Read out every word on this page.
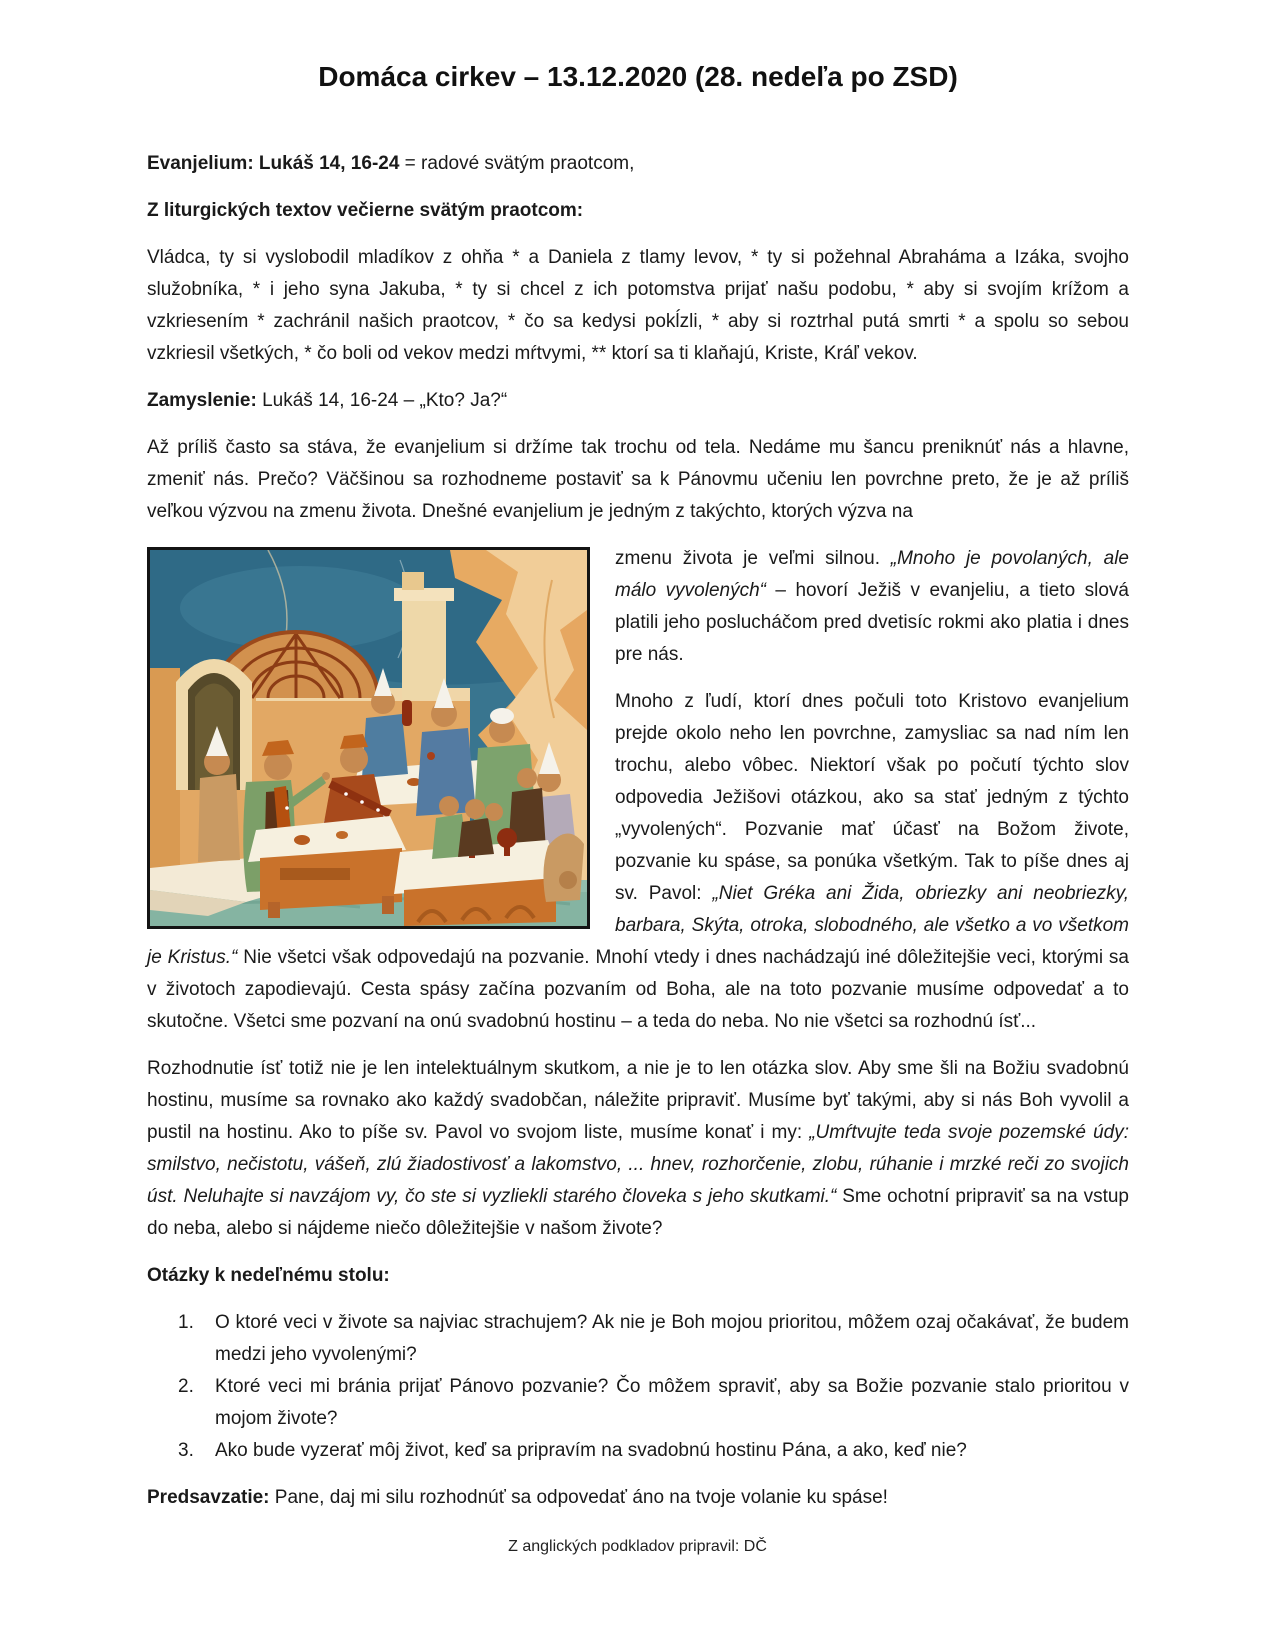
Domáca cirkev – 13.12.2020 (28. nedeľa po ZSD)

Evanjelium: Lukáš 14, 16-24 = radové svätým praotcom,

Z liturgických textov večierne svätým praotcom:

Vládca, ty si vyslobodil mladíkov z ohňa * a Daniela z tlamy levov, * ty si požehnal Abraháma a Izáka, svojho služobníka, * i jeho syna Jakuba, * ty si chcel z ich potomstva prijať našu podobu, * aby si svojím krížom a vzkriesením * zachránil našich praotcov, * čo sa kedysi pokĺzli, * aby si roztrhal putá smrti * a spolu so sebou vzkriesil všetkých, * čo boli od vekov medzi mŕtvymi, ** ktorí sa ti klaňajú, Kriste, Kráľ vekov.

Zamyslenie: Lukáš 14, 16-24 – „Kto? Ja?“

Až príliš často sa stáva, že evanjelium si držíme tak trochu od tela. Nedáme mu šancu preniknúť nás a hlavne, zmeniť nás. Prečo? Väčšinou sa rozhodneme postaviť sa k Pánovmu učeniu len povrchne preto, že je až príliš veľkou výzvou na zmenu života. Dnešné evanjelium je jedným z takýchto, ktorých výzva na

zmenu života je veľmi silnou. „Mnoho je povolaných, ale málo vyvolených“ – hovorí Ježiš v evanjeliu, a tieto slová platili jeho poslucháčom pred dvetisíc rokmi ako platia i dnes pre nás.

Mnoho z ľudí, ktorí dnes počuli toto Kristovo evanjelium prejde okolo neho len povrchne, zamysliac sa nad ním len trochu, alebo vôbec. Niektorí však po počutí týchto slov odpovedia Ježišovi otázkou, ako sa stať jedným z týchto „vyvolených“. Pozvanie mať účasť na Božom živote, pozvanie ku spáse, sa ponúka všetkým. Tak to píše dnes aj sv. Pavol: „Niet Gréka ani Žida, obriezky ani neobriezky, barbara, Skýta, otroka, slobodného, ale všetko a vo všetkom je Kristus.“ Nie všetci však odpovedajú na pozvanie. Mnohí vtedy i dnes nachádzajú iné dôležitejšie veci, ktorými sa v životoch zapodievajú. Cesta spásy začína pozvaním od Boha, ale na toto pozvanie musíme odpovedať a to skutočne. Všetci sme pozvaní na onú svadobnú hostinu – a teda do neba. No nie všetci sa rozhodnú ísť...

Rozhodnutie ísť totiž nie je len intelektuálnym skutkom, a nie je to len otázka slov. Aby sme šli na Božiu svadobnú hostinu, musíme sa rovnako ako každý svadobčan, náležite pripraviť. Musíme byť takými, aby si nás Boh vyvolil a pustil na hostinu. Ako to píše sv. Pavol vo svojom liste, musíme konať i my: „Umŕtvujte teda svoje pozemské údy: smilstvo, nečistotu, vášeň, zlú žiadostivosť a lakomstvo, ... hnev, rozhorčenie, zlobu, rúhanie i mrzké reči zo svojich úst. Neluhajte si navzájom vy, čo ste si vyzliekli starého človeka s jeho skutkami.“ Sme ochotní pripraviť sa na vstup do neba, alebo si nájdeme niečo dôležitejšie v našom živote?

Otázky k nedeľnému stolu:

1.	O ktoré veci v živote sa najviac strachujem? Ak nie je Boh mojou prioritou, môžem ozaj očakávať, že budem medzi jeho vyvolenými?
2.	Ktoré veci mi bránia prijať Pánovo pozvanie? Čo môžem spraviť, aby sa Božie pozvanie stalo prioritou v mojom živote?
3.	Ako bude vyzerať môj život, keď sa pripravím na svadobnú hostinu Pána, a ako, keď nie?

Predsavzatie: Pane, daj mi silu rozhodnúť sa odpovedať áno na tvoje volanie ku spáse!

Z anglických podkladov pripravil: DČ
